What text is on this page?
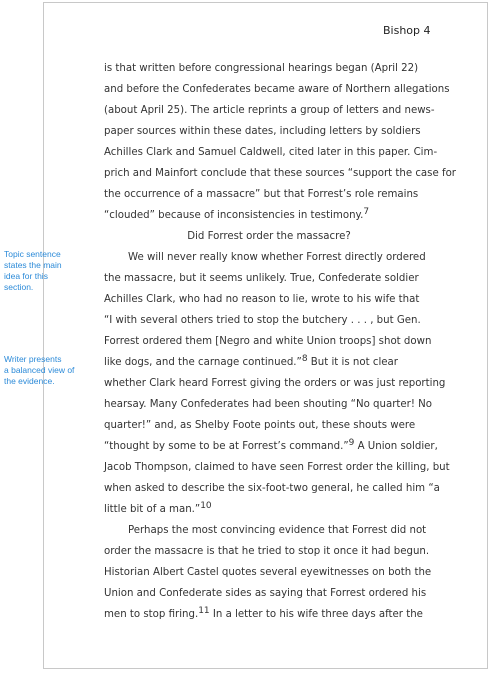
Bishop 4
Topic sentence
states the main
idea for this
section.
Writer presents
a balanced view of
the evidence.
is that written before congressional hearings began (April 22)
and before the Confederates became aware of Northern allegations
(about April 25). The article reprints a group of letters and news-
paper sources within these dates, including letters by soldiers
Achilles Clark and Samuel Caldwell, cited later in this paper. Cim-
prich and Mainfort conclude that these sources “support the case for
the occurrence of a massacre” but that Forrest’s role remains
“clouded” because of inconsistencies in testimony.$^7$
Did Forrest order the massacre?
We will never really know whether Forrest directly ordered
the massacre, but it seems unlikely. True, Confederate soldier
Achilles Clark, who had no reason to lie, wrote to his wife that
“I with several others tried to stop the butchery . . . , but Gen.
Forrest ordered them [Negro and white Union troops] shot down
like dogs, and the carnage continued.”$^8$ But it is not clear
whether Clark heard Forrest giving the orders or was just reporting
hearsay. Many Confederates had been shouting “No quarter! No
quarter!” and, as Shelby Foote points out, these shouts were
“thought by some to be at Forrest’s command.”$^9$ A Union soldier,
Jacob Thompson, claimed to have seen Forrest order the killing, but
when asked to describe the six-foot-two general, he called him “a
little bit of a man.”$^{10}$
Perhaps the most convincing evidence that Forrest did not
order the massacre is that he tried to stop it once it had begun.
Historian Albert Castel quotes several eyewitnesses on both the
Union and Confederate sides as saying that Forrest ordered his
men to stop firing.$^{11}$ In a letter to his wife three days after the
